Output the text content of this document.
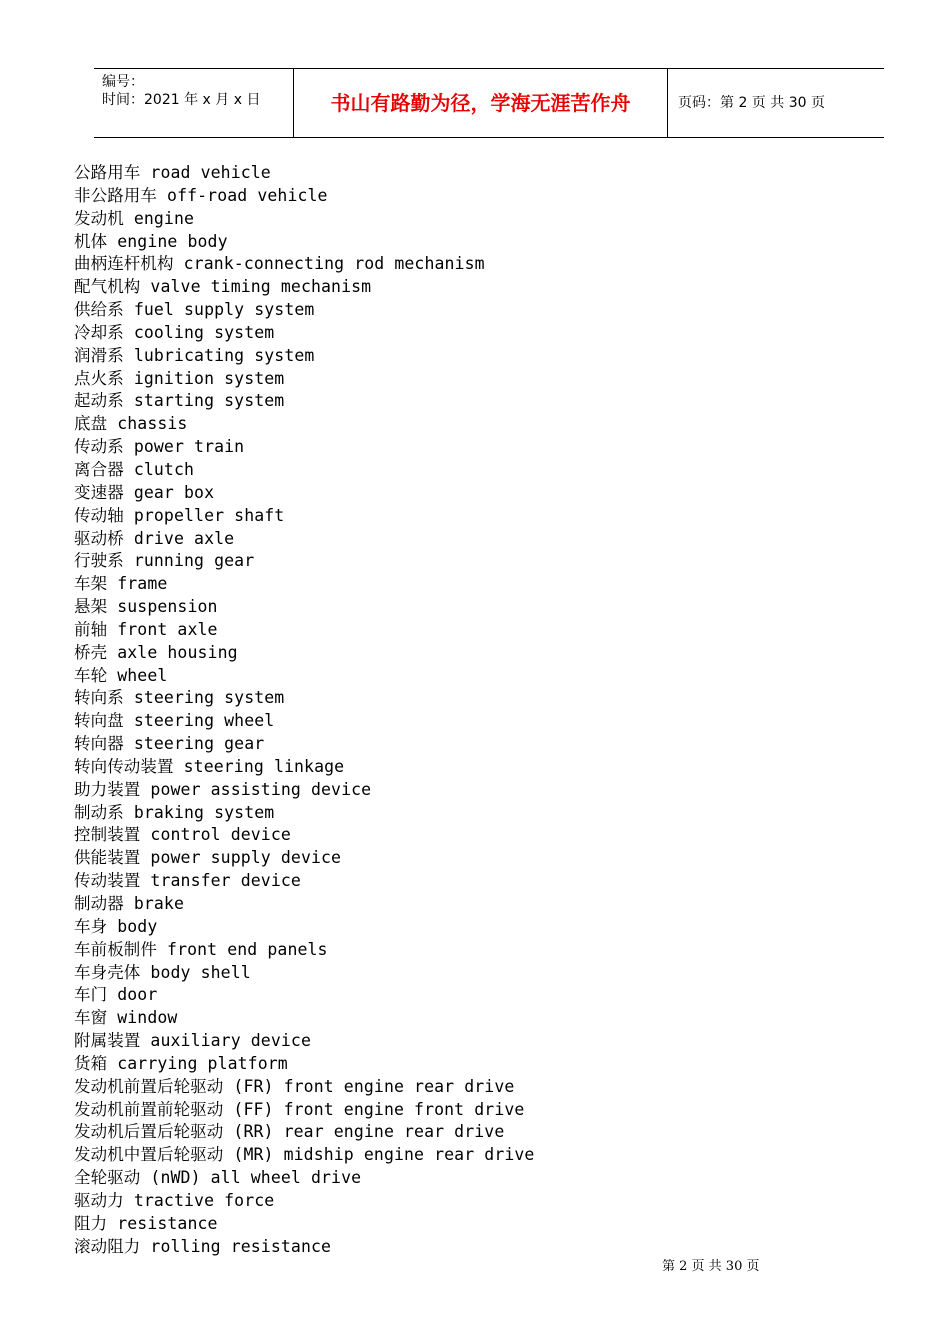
编号：
时间：2021 年 x 月 x 日	书山有路勤为径，学海无涯苦作舟	页码：第 2 页 共 30 页
公路用车 road vehicle
非公路用车 off-road vehicle
发动机 engine
机体 engine body
曲柄连杆机构 crank-connecting rod mechanism
配气机构 valve timing mechanism
供给系 fuel supply system
冷却系 cooling system
润滑系 lubricating system
点火系 ignition system
起动系 starting system
底盘 chassis
传动系 power train
离合器 clutch
变速器 gear box
传动轴 propeller shaft
驱动桥 drive axle
行驶系 running gear
车架 frame
悬架 suspension
前轴 front axle
桥壳 axle housing
车轮 wheel
转向系 steering system
转向盘 steering wheel
转向器 steering gear
转向传动装置 steering linkage
助力装置 power assisting device
制动系 braking system
控制装置 control device
供能装置 power supply device
传动装置 transfer device
制动器 brake
车身 body
车前板制件 front end panels
车身壳体 body shell
车门 door
车窗 window
附属装置 auxiliary device
货箱 carrying platform
发动机前置后轮驱动 (FR) front engine rear drive
发动机前置前轮驱动 (FF) front engine front drive
发动机后置后轮驱动 (RR) rear engine rear drive
发动机中置后轮驱动 (MR) midship engine rear drive
全轮驱动 (nWD) all wheel drive
驱动力 tractive force
阻力 resistance
滚动阻力 rolling resistance
第 2 页 共 30 页
